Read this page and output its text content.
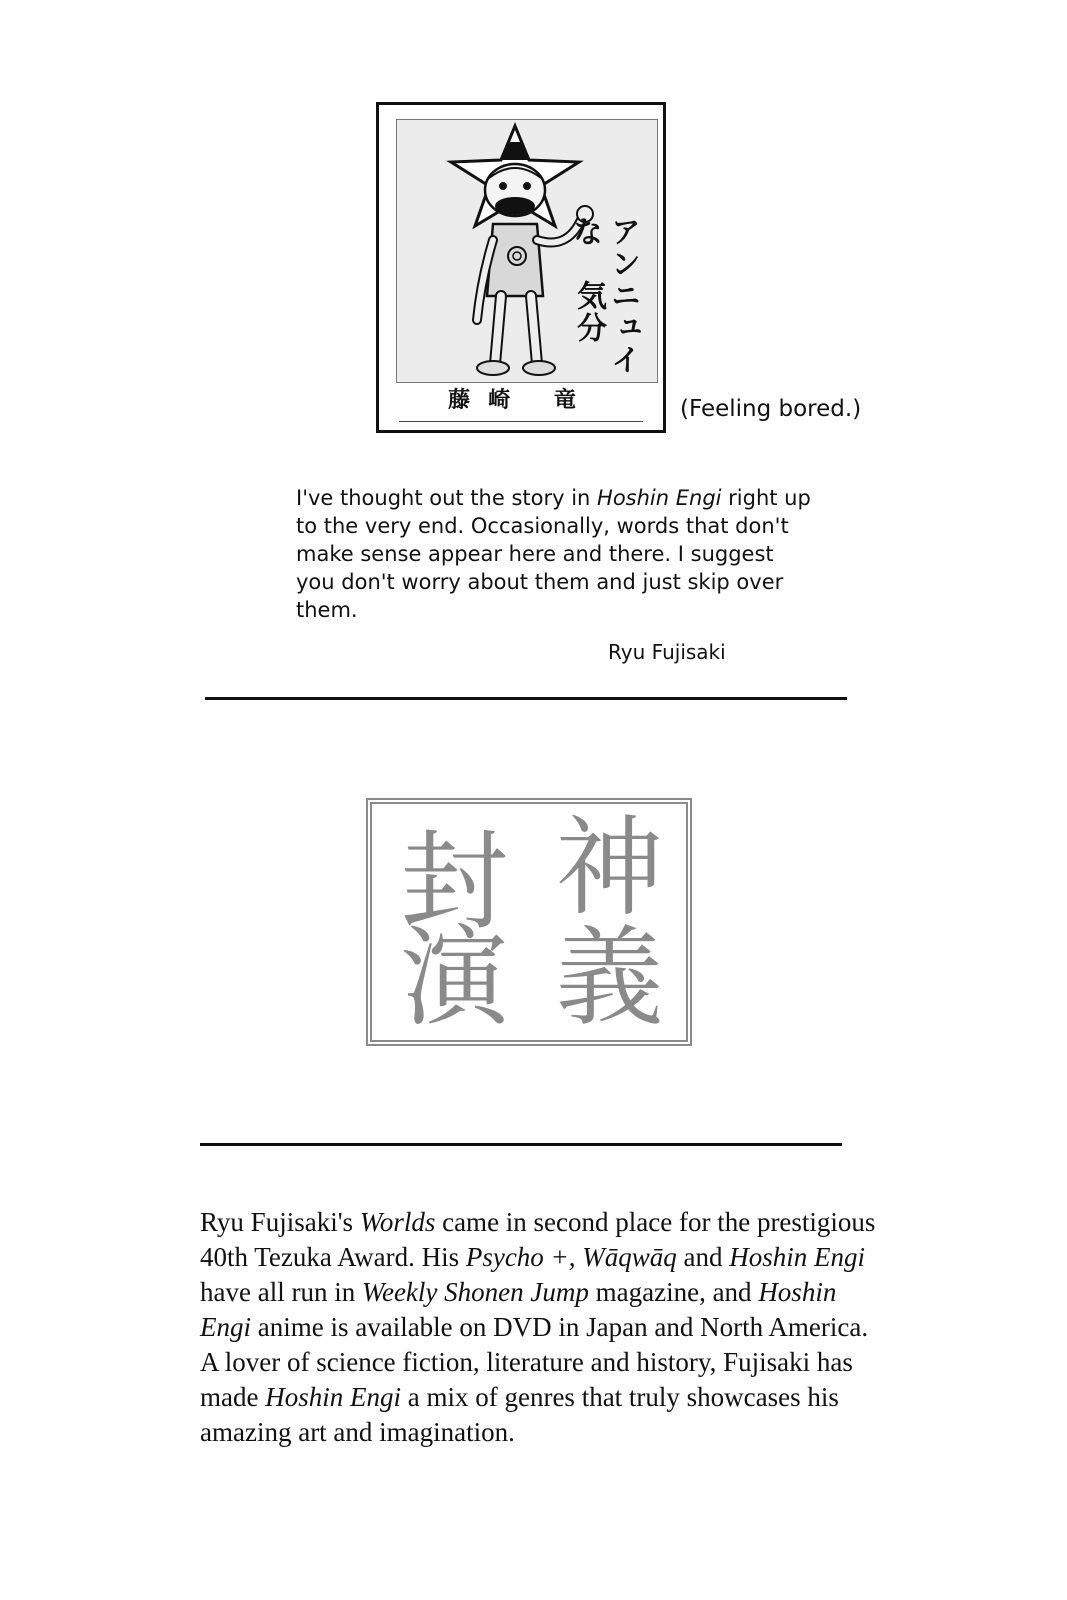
アンニュイな
気分
藤崎 竜	(Feeling bored.)
I've thought out the story in Hoshin Engi right up to the very end. Occasionally, words that don't make sense appear here and there. I suggest you don't worry about them and just skip over them.
Ryu Fujisaki
神
封
義
演
Ryu Fujisaki's Worlds came in second place for the prestigious 40th Tezuka Award. His Psycho +, Wāqwāq and Hoshin Engi have all run in Weekly Shonen Jump magazine, and Hoshin Engi anime is available on DVD in Japan and North America. A lover of science fiction, literature and history, Fujisaki has made Hoshin Engi a mix of genres that truly showcases his amazing art and imagination.
